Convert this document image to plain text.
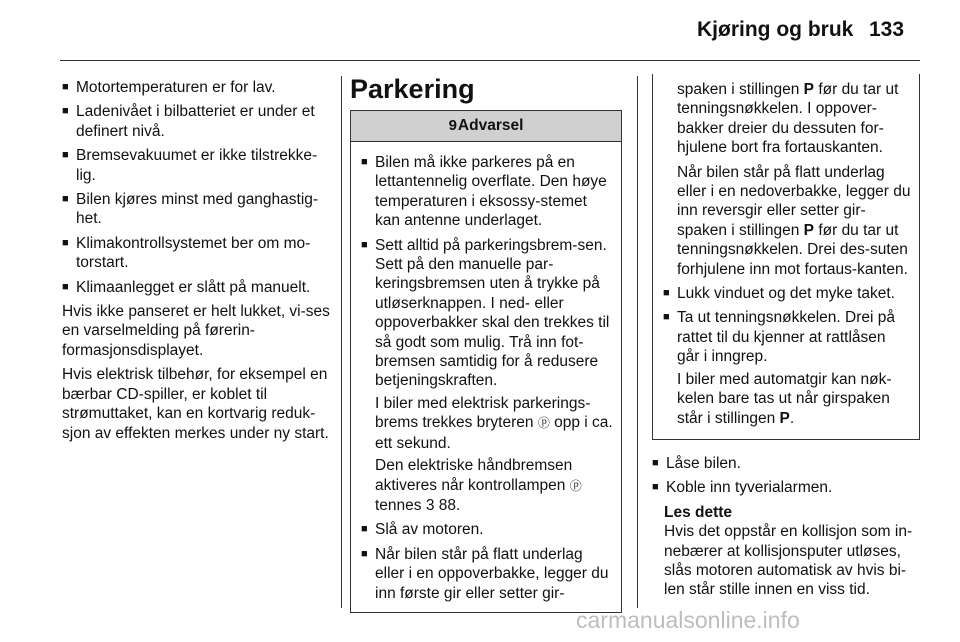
Kjøring og bruk 133
■ Motortemperaturen er for lav.
■ Ladenivået i bilbatteriet er under et definert nivå.
■ Bremsevakuumet er ikke tilstrekke-lig.
■ Bilen kjøres minst med ganghastig-het.
■ Klimakontrollsystemet ber om mo-torstart.
■ Klimaanlegget er slått på manuelt.
Hvis ikke panseret er helt lukket, vi-ses en varselmelding på førerin-formasjonsdisplayet.
Hvis elektrisk tilbehør, for eksempel en bærbar CD-spiller, er koblet til strømuttaket, kan en kortvarig reduk-sjon av effekten merkes under ny start.
Parkering
9Advarsel
■ Bilen må ikke parkeres på en lettantennelig overflate. Den høye temperaturen i eksossy-stemet kan antenne underlaget.
■ Sett alltid på parkeringsbrem-sen. Sett på den manuelle par-keringsbremsen uten å trykke på utløserknappen. I ned- eller oppoverbakker skal den trekkes til så godt som mulig. Trå inn fot-bremsen samtidig for å redusere betjeningskraften.
I biler med elektrisk parkerings-brems trekkes bryteren ⓟ opp i ca. ett sekund.
Den elektriske håndbremsen aktiveres når kontrollampen ⓟ tennes 3 88.
■ Slå av motoren.
■ Når bilen står på flatt underlag eller i en oppoverbakke, legger du inn første gir eller setter gir-
spaken i stillingen P før du tar ut tenningsnøkkelen. I oppover-bakker dreier du dessuten for-hjulene bort fra fortauskanten.
Når bilen står på flatt underlag eller i en nedoverbakke, legger du inn reversgir eller setter gir-spaken i stillingen P før du tar ut tenningsnøkkelen. Drei des-suten forhjulene inn mot fortaus-kanten.
■ Lukk vinduet og det myke taket.
■ Ta ut tenningsnøkkelen. Drei på rattet til du kjenner at rattlåsen går i inngrep.
I biler med automatgir kan nøk-kelen bare tas ut når girspaken står i stillingen P.
■ Låse bilen.
■ Koble inn tyverialarmen.
Les dette
Hvis det oppstår en kollisjon som in-nebærer at kollisjonsputer utløses, slås motoren automatisk av hvis bi-len står stille innen en viss tid.
carmanualsonline.info
